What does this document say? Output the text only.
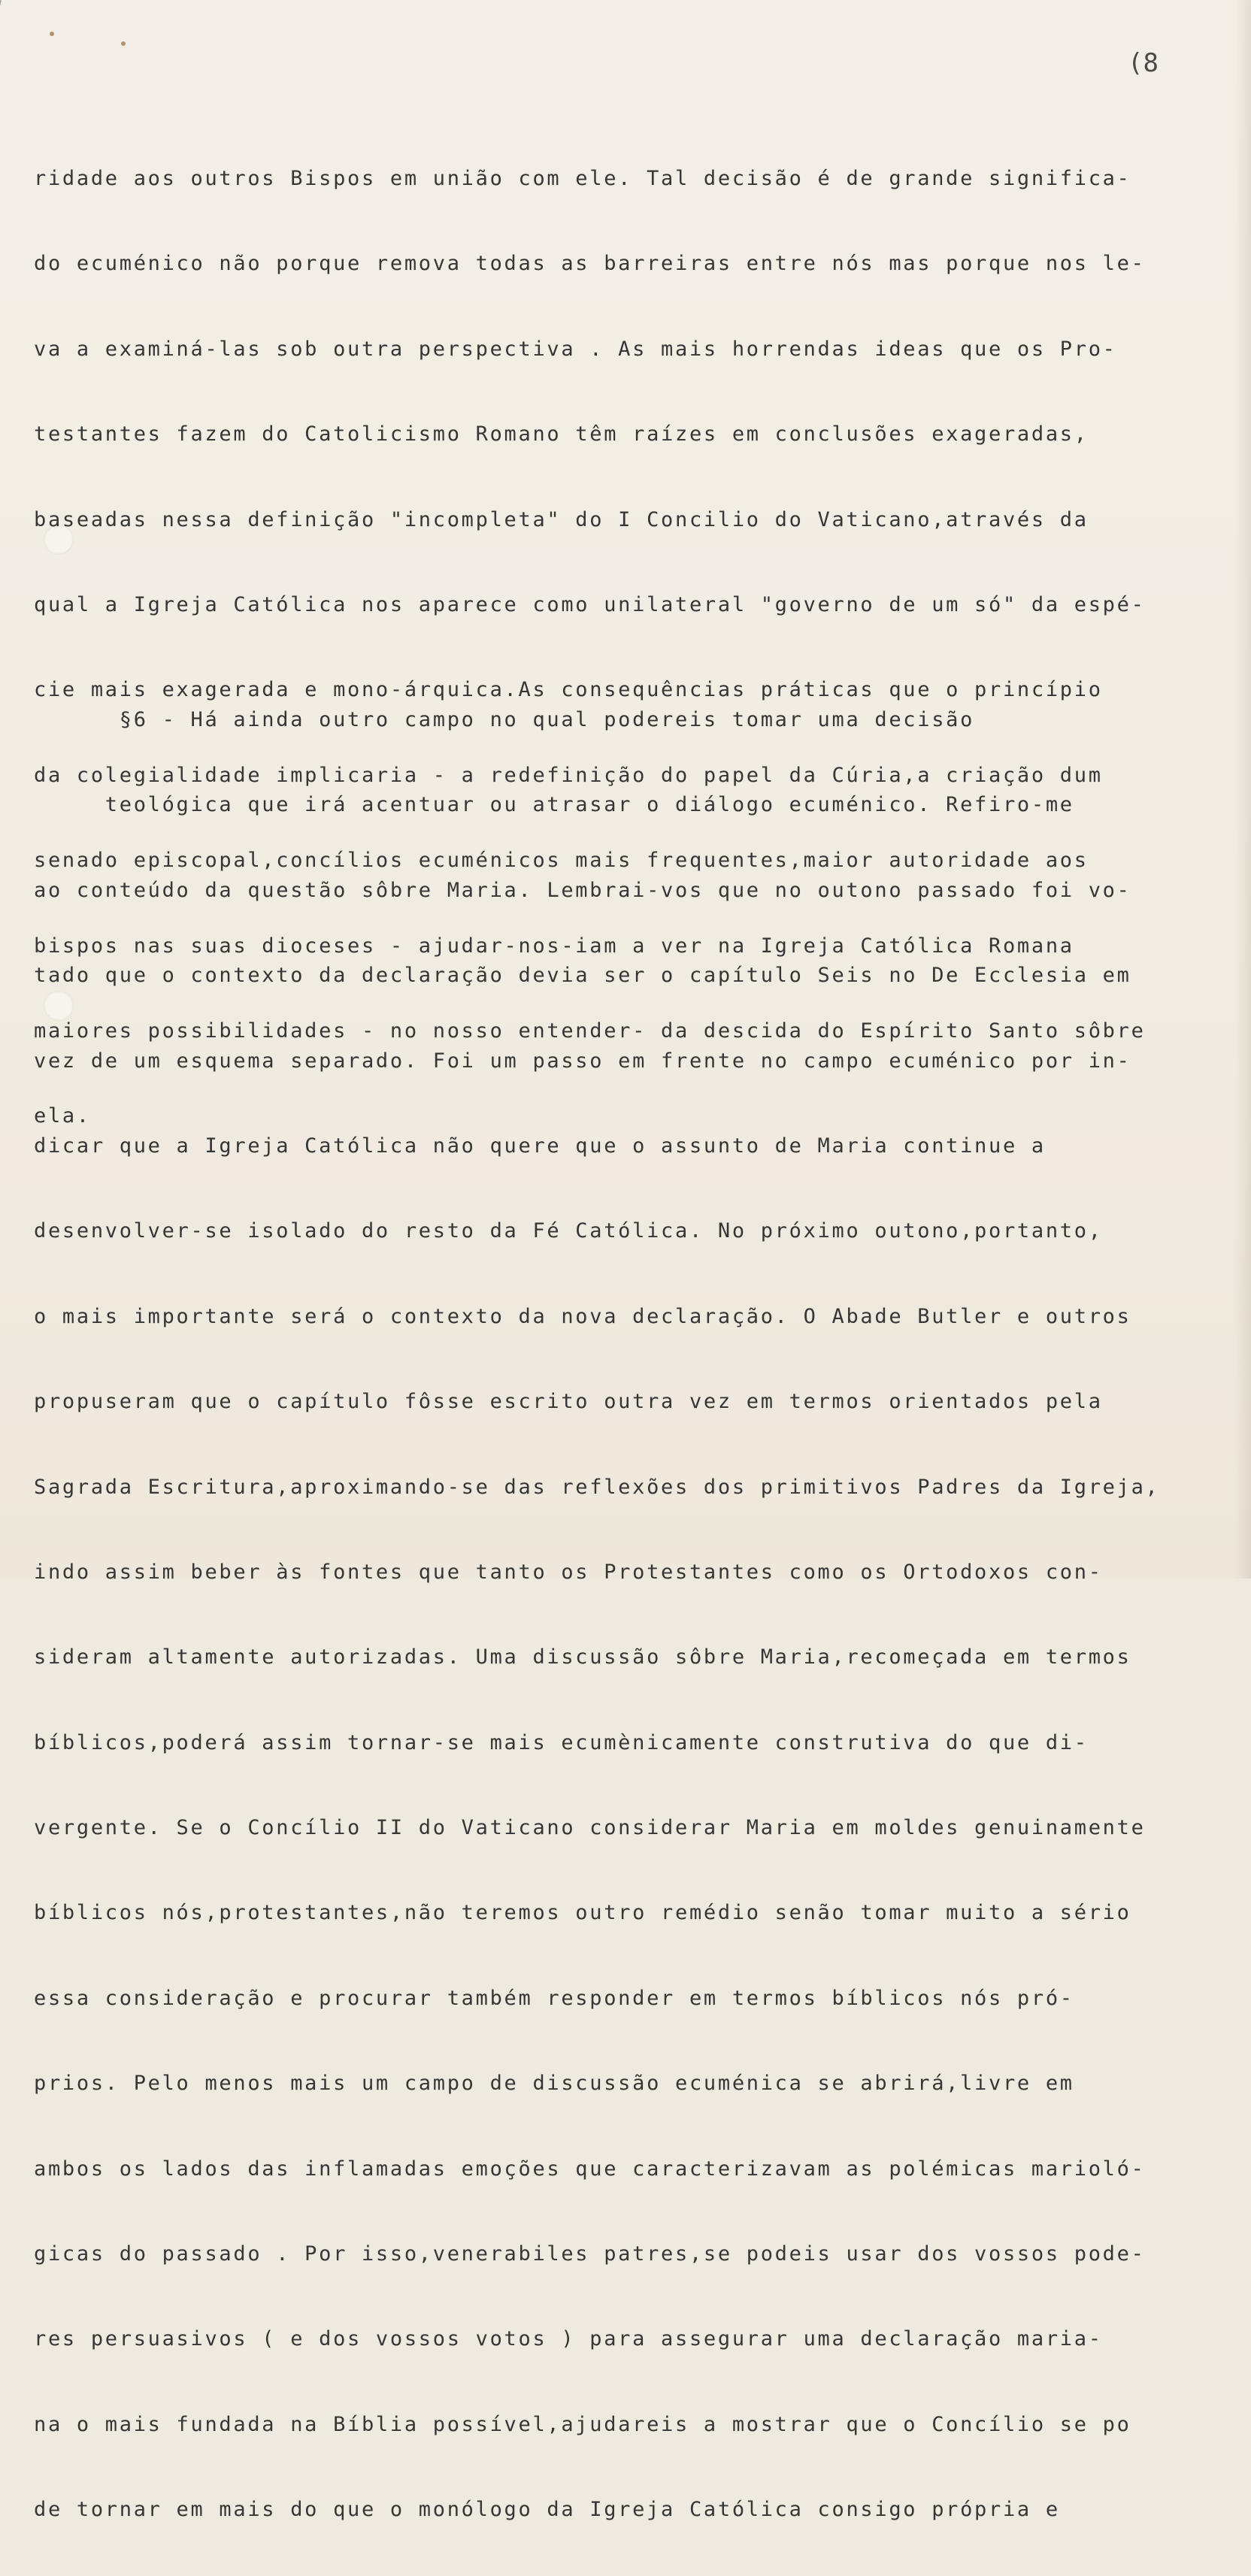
(8

ridade aos outros Bispos em união com ele. Tal decisão é de grande significa-

do ecuménico não porque remova todas as barreiras entre nós mas porque nos le-

va a examiná-las sob outra perspectiva . As mais horrendas ideas que os Pro-

testantes fazem do Catolicismo Romano têm raízes em conclusões exageradas,

baseadas nessa definição "incompleta" do I Concilio do Vaticano,através da

qual a Igreja Católica nos aparece como unilateral "governo de um só" da espé-

cie mais exagerada e mono-árquica.As consequências práticas que o princípio

da colegialidade implicaria - a redefinição do papel da Cúria,a criação dum

senado episcopal,concílios ecuménicos mais frequentes,maior autoridade aos

bispos nas suas dioceses - ajudar-nos-iam a ver na Igreja Católica Romana

maiores possibilidades - no nosso entender- da descida do Espírito Santo sôbre

ela.

§6 - Há ainda outro campo no qual podereis tomar uma decisão

teológica que irá acentuar ou atrasar o diálogo ecuménico. Refiro-me

ao conteúdo da questão sôbre Maria. Lembrai-vos que no outono passado foi vo-

tado que o contexto da declaração devia ser o capítulo Seis no De Ecclesia em

vez de um esquema separado. Foi um passo em frente no campo ecuménico por in-

dicar que a Igreja Católica não quere que o assunto de Maria continue a

desenvolver-se isolado do resto da Fé Católica. No próximo outono,portanto,

o mais importante será o contexto da nova declaração. O Abade Butler e outros

propuseram que o capítulo fôsse escrito outra vez em termos orientados pela

Sagrada Escritura,aproximando-se das reflexões dos primitivos Padres da Igreja,

indo assim beber às fontes que tanto os Protestantes como os Ortodoxos con-

sideram altamente autorizadas. Uma discussão sôbre Maria,recomeçada em termos

bíblicos,poderá assim tornar-se mais ecumènicamente construtiva do que di-

vergente. Se o Concílio II do Vaticano considerar Maria em moldes genuinamente

bíblicos nós,protestantes,não teremos outro remédio senão tomar muito a sério

essa consideração e procurar também responder em termos bíblicos nós pró-

prios. Pelo menos mais um campo de discussão ecuménica se abrirá,livre em

ambos os lados das inflamadas emoções que caracterizavam as polémicas marioló-

gicas do passado . Por isso,venerabiles patres,se podeis usar dos vossos pode-

res persuasivos ( e dos vossos votos ) para assegurar uma declaração maria-

na o mais fundada na Bíblia possível,ajudareis a mostrar que o Concílio se po

de tornar em mais do que o monólogo da Igreja Católica consigo própria e
